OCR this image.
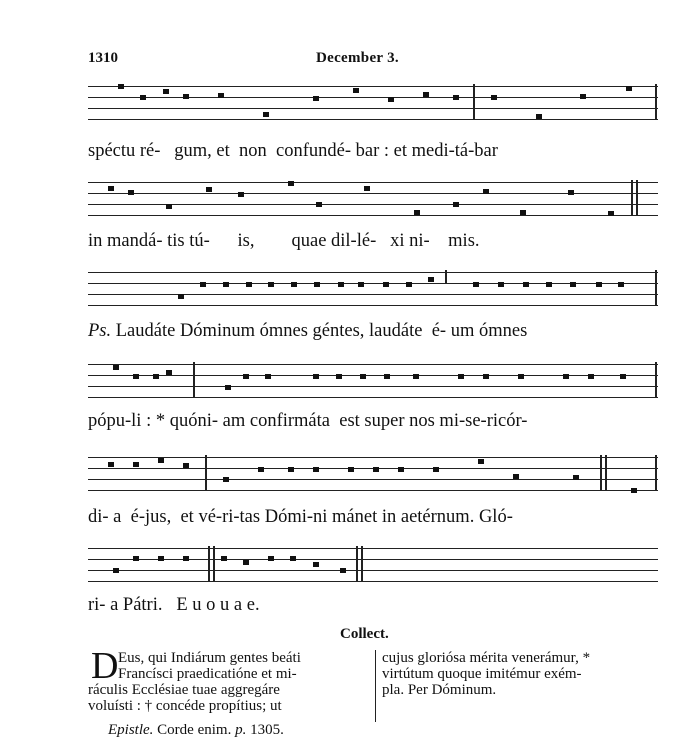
1310	December 3.
spéctu ré-   gum, et  non  confundé- bar : et medi-tá-bar
in mandá- tis tú-      is,        quae dil-lé-   xi ni-    mis.
Ps. Laudáte Dóminum ómnes géntes, laudáte  é- um ómnes
pópu-li : * quóni- am confirmáta  est super nos mi-se-ricór-
di- a  é-jus,  et vé-ri-tas Dómi-ni mánet in aetérnum. Gló-
ri- a Pátri.   E u o u a e.
Collect.
D Eus, qui Indiárum gentes beáti
Francísci praedicatióne et mi-
ráculis Ecclésiae tuae aggregáre
voluísti : † concéde propítius; ut
cujus gloriósa mérita venerámur, *
virtútum quoque imitémur exém-
pla. Per Dóminum.
Epistle. Corde enim. p. 1305.
